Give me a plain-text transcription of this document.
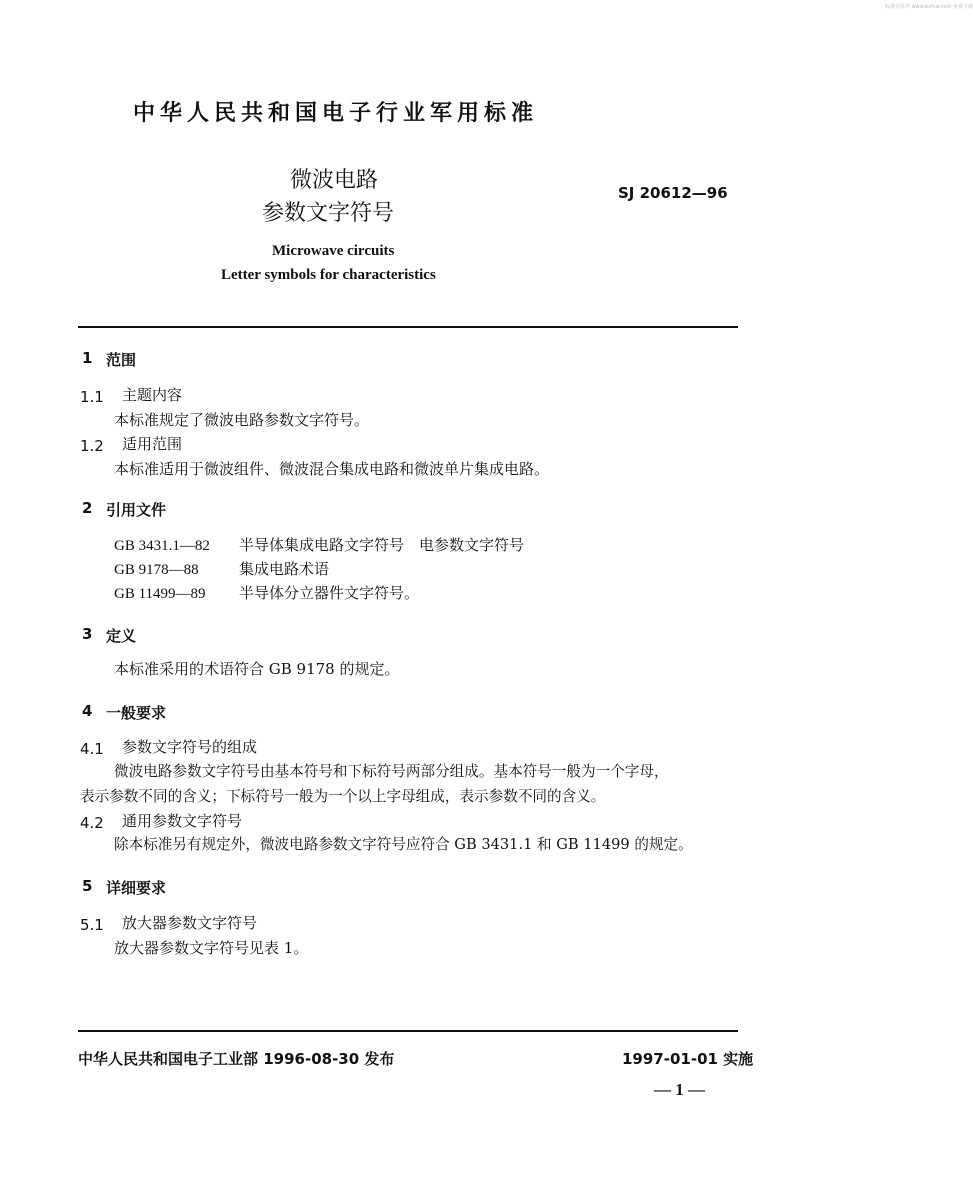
标准分享网 www.bzfxw.com 免费下载
中华人民共和国电子行业军用标准
微波电路
参数文字符号
SJ 20612—96
Microwave circuits
Letter symbols for characteristics
1 范围
1.1 主题内容
本标准规定了微波电路参数文字符号。
1.2 适用范围
本标准适用于微波组件、微波混合集成电路和微波单片集成电路。
2 引用文件
GB 3431.1—82 半导体集成电路文字符号　电参数文字符号
GB 9178—88	集成电路术语
GB 11499—89 半导体分立器件文字符号。
3 定义
本标准采用的术语符合 GB 9178 的规定。
4 一般要求
4.1 参数文字符号的组成
微波电路参数文字符号由基本符号和下标符号两部分组成。基本符号一般为一个字母，
表示参数不同的含义；下标符号一般为一个以上字母组成，表示参数不同的含义。
4.2 通用参数文字符号
除本标准另有规定外，微波电路参数文字符号应符合 GB 3431.1 和 GB 11499 的规定。
5 详细要求
5.1 放大器参数文字符号
放大器参数文字符号见表 1。
中华人民共和国电子工业部 1996-08-30 发布	1997-01-01 实施
— 1 —
